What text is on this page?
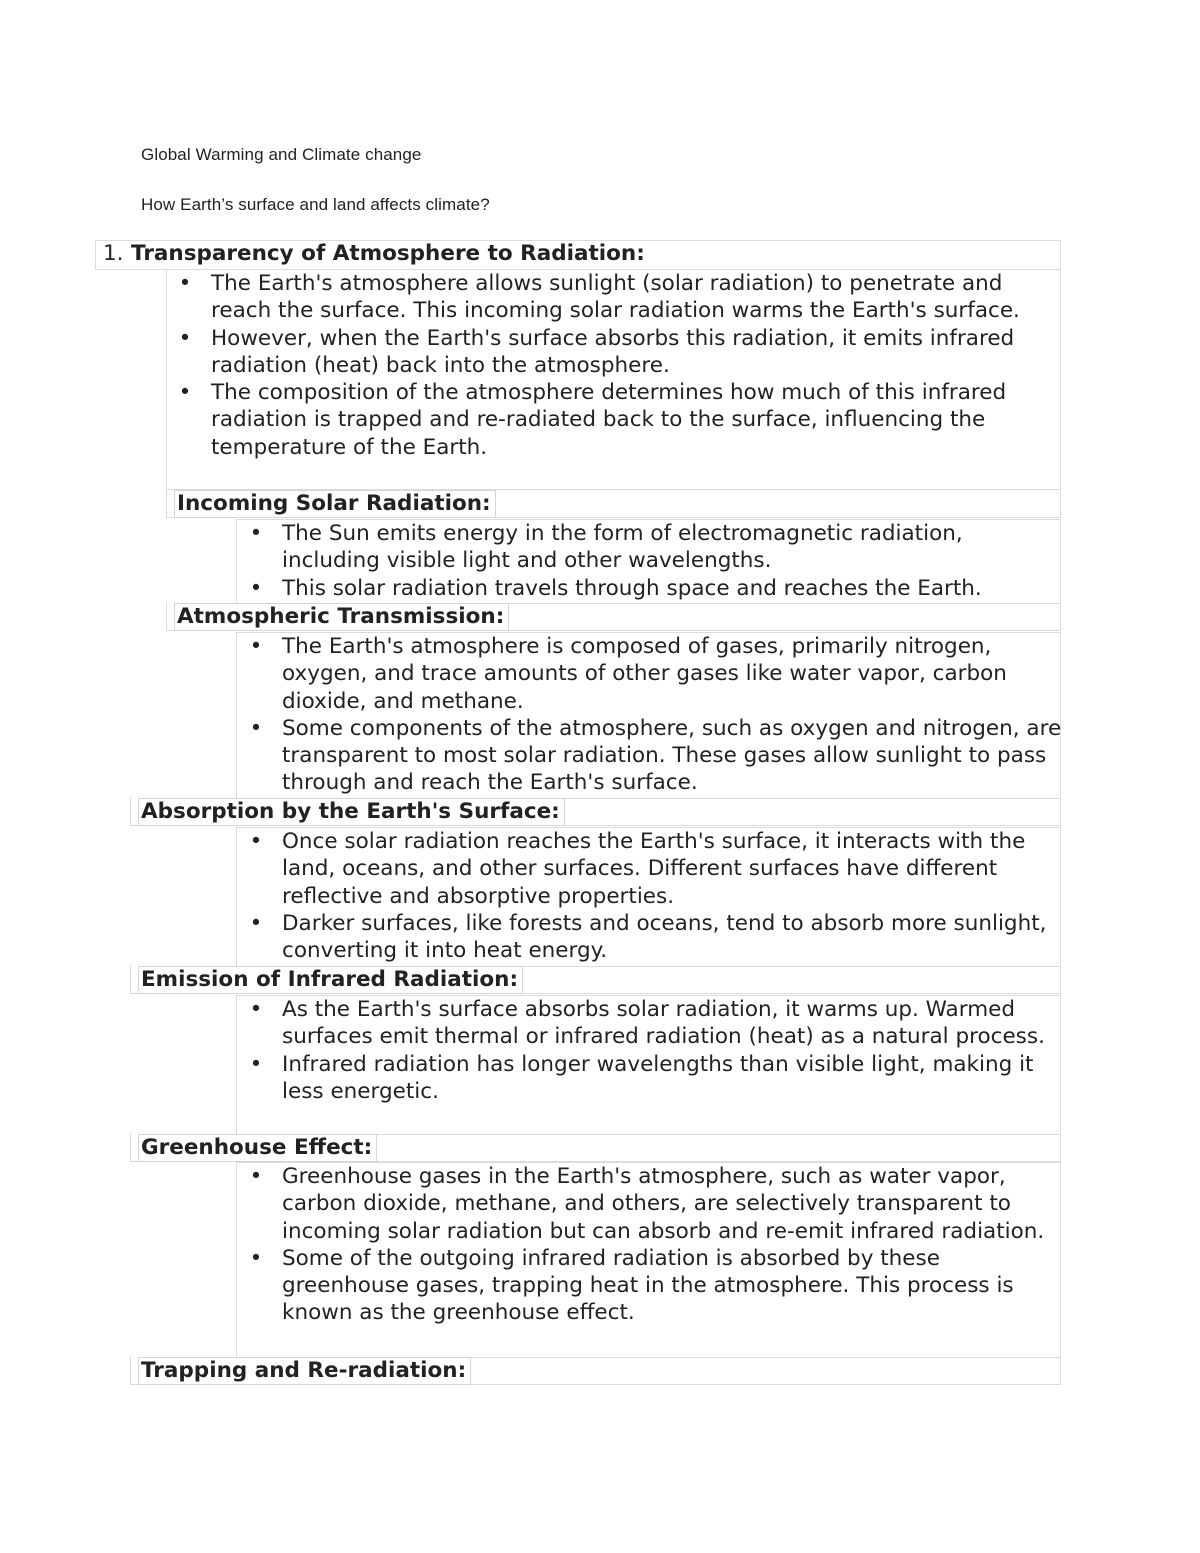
Global Warming and Climate change
How Earth’s surface and land affects climate?
1. Transparency of Atmosphere to Radiation:
• The Earth's atmosphere allows sunlight (solar radiation) to penetrate and reach the surface. This incoming solar radiation warms the Earth's surface.
• However, when the Earth's surface absorbs this radiation, it emits infrared radiation (heat) back into the atmosphere.
• The composition of the atmosphere determines how much of this infrared radiation is trapped and re-radiated back to the surface, influencing the temperature of the Earth.
Incoming Solar Radiation:
• The Sun emits energy in the form of electromagnetic radiation, including visible light and other wavelengths.
• This solar radiation travels through space and reaches the Earth.
Atmospheric Transmission:
• The Earth's atmosphere is composed of gases, primarily nitrogen, oxygen, and trace amounts of other gases like water vapor, carbon dioxide, and methane.
• Some components of the atmosphere, such as oxygen and nitrogen, are transparent to most solar radiation. These gases allow sunlight to pass through and reach the Earth's surface.
Absorption by the Earth's Surface:
• Once solar radiation reaches the Earth's surface, it interacts with the land, oceans, and other surfaces. Different surfaces have different reflective and absorptive properties.
• Darker surfaces, like forests and oceans, tend to absorb more sunlight, converting it into heat energy.
Emission of Infrared Radiation:
• As the Earth's surface absorbs solar radiation, it warms up. Warmed surfaces emit thermal or infrared radiation (heat) as a natural process.
• Infrared radiation has longer wavelengths than visible light, making it less energetic.
Greenhouse Effect:
• Greenhouse gases in the Earth's atmosphere, such as water vapor, carbon dioxide, methane, and others, are selectively transparent to incoming solar radiation but can absorb and re-emit infrared radiation.
• Some of the outgoing infrared radiation is absorbed by these greenhouse gases, trapping heat in the atmosphere. This process is known as the greenhouse effect.
Trapping and Re-radiation:
